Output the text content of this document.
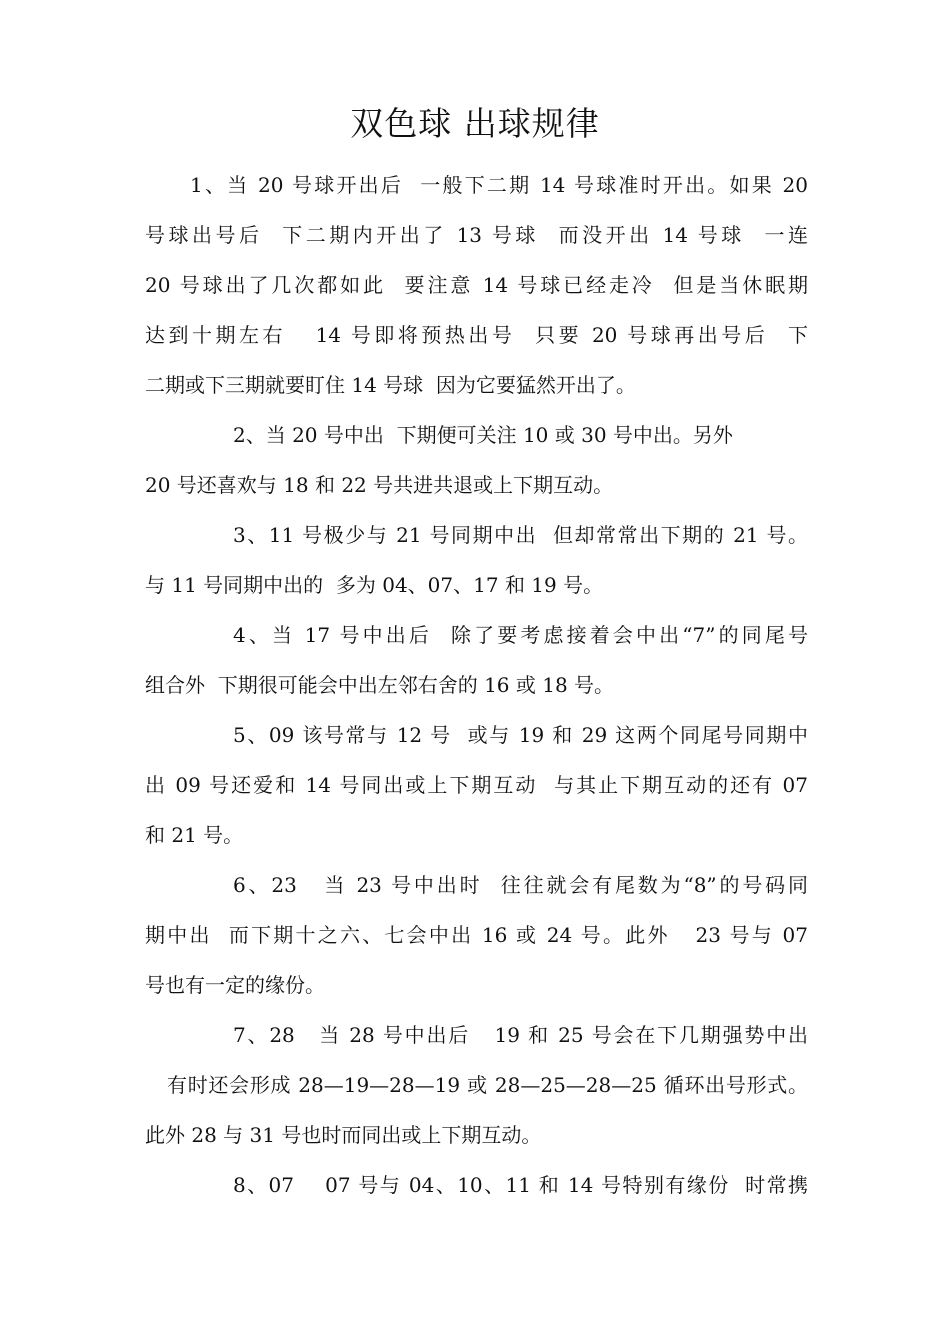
双色球 出球规律
1、当 20 号球开出后  一般下二期 14 号球准时开出。如果 20
号球出号后  下二期内开出了 13 号球  而没开出 14 号球  一连
20 号球出了几次都如此  要注意 14 号球已经走冷  但是当休眠期
达到十期左右   14 号即将预热出号  只要 20 号球再出号后  下
二期或下三期就要盯住 14 号球  因为它要猛然开出了。
2、当 20 号中出  下期便可关注 10 或 30 号中出。另外
20 号还喜欢与 18 和 22 号共进共退或上下期互动。
3、11 号极少与 21 号同期中出  但却常常出下期的 21 号。
与 11 号同期中出的  多为 04、07、17 和 19 号。
4、当 17 号中出后  除了要考虑接着会中出“7”的同尾号
组合外  下期很可能会中出左邻右舍的 16 或 18 号。
5、09 该号常与 12 号  或与 19 和 29 这两个同尾号同期中
出 09 号还爱和 14 号同出或上下期互动  与其止下期互动的还有 07
和 21 号。
6、23   当 23 号中出时  往往就会有尾数为“8”的号码同
期中出  而下期十之六、七会中出 16 或 24 号。此外   23 号与 07
号也有一定的缘份。
7、28   当 28 号中出后   19 和 25 号会在下几期强势中出
有时还会形成 28—19—28—19 或 28—25—28—25 循环出号形式。
此外 28 与 31 号也时而同出或上下期互动。
8、07    07 号与 04、10、11 和 14 号特别有缘份  时常携
